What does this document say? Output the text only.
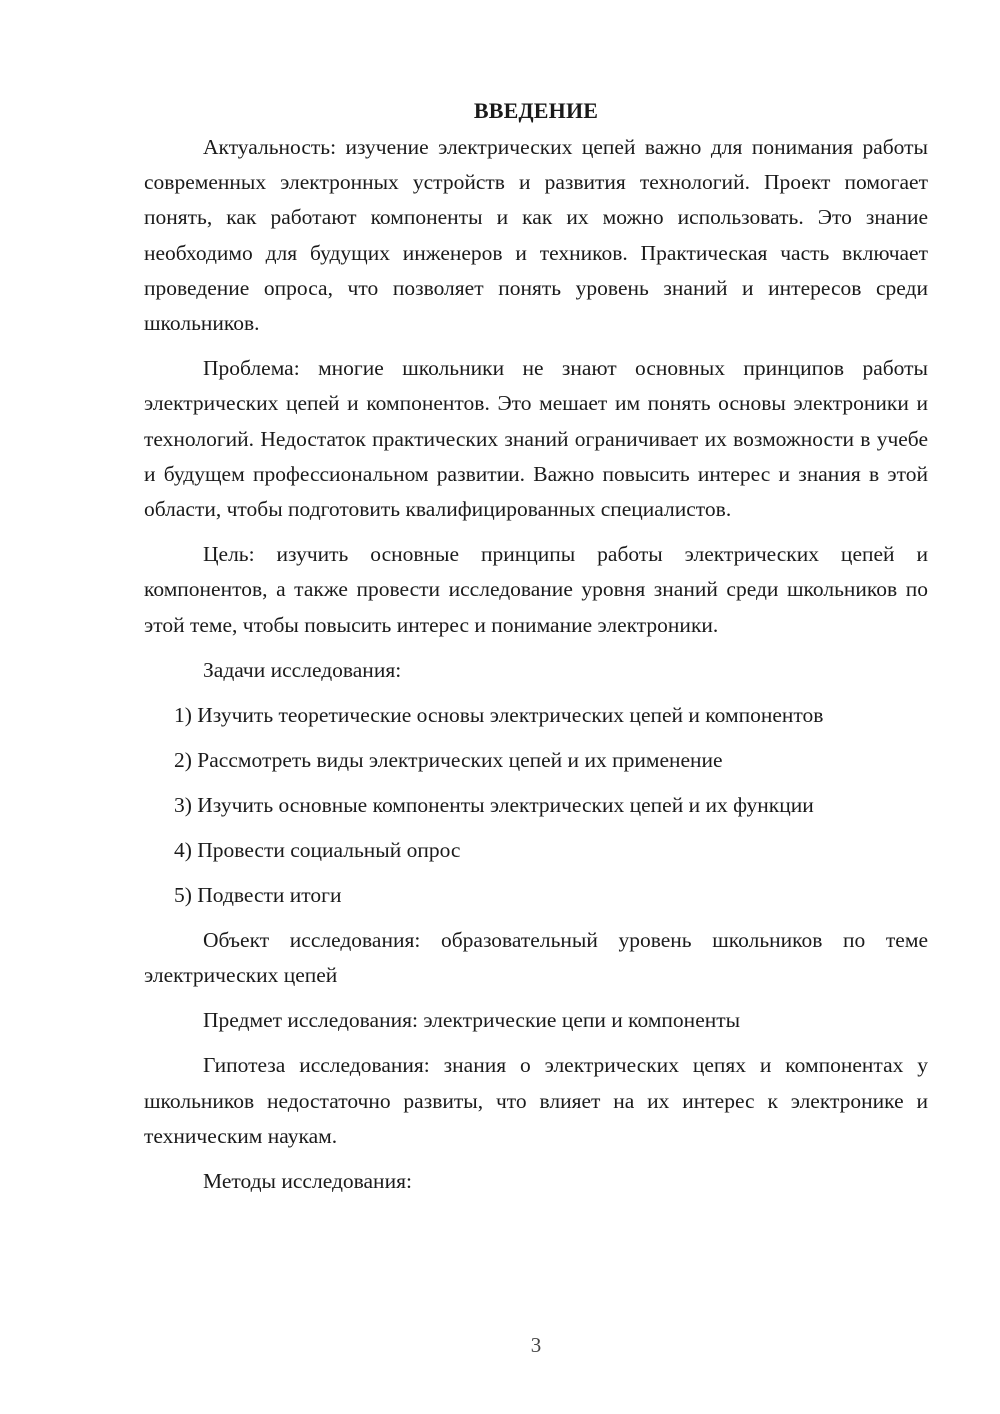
ВВЕДЕНИЕ

Актуальность: изучение электрических цепей важно для понимания работы современных электронных устройств и развития технологий. Проект помогает понять, как работают компоненты и как их можно использовать. Это знание необходимо для будущих инженеров и техников. Практическая часть включает проведение опроса, что позволяет понять уровень знаний и интересов среди школьников.

Проблема: многие школьники не знают основных принципов работы электрических цепей и компонентов. Это мешает им понять основы электроники и технологий. Недостаток практических знаний ограничивает их возможности в учебе и будущем профессиональном развитии. Важно повысить интерес и знания в этой области, чтобы подготовить квалифицированных специалистов.

Цель: изучить основные принципы работы электрических цепей и компонентов, а также провести исследование уровня знаний среди школьников по этой теме, чтобы повысить интерес и понимание электроники.

Задачи исследования:

1) Изучить теоретические основы электрических цепей и компонентов
2) Рассмотреть виды электрических цепей и их применение
3) Изучить основные компоненты электрических цепей и их функции
4) Провести социальный опрос
5) Подвести итоги

Объект исследования: образовательный уровень школьников по теме электрических цепей

Предмет исследования: электрические цепи и компоненты

Гипотеза исследования: знания о электрических цепях и компонентах у школьников недостаточно развиты, что влияет на их интерес к электронике и техническим наукам.

Методы исследования:

3
